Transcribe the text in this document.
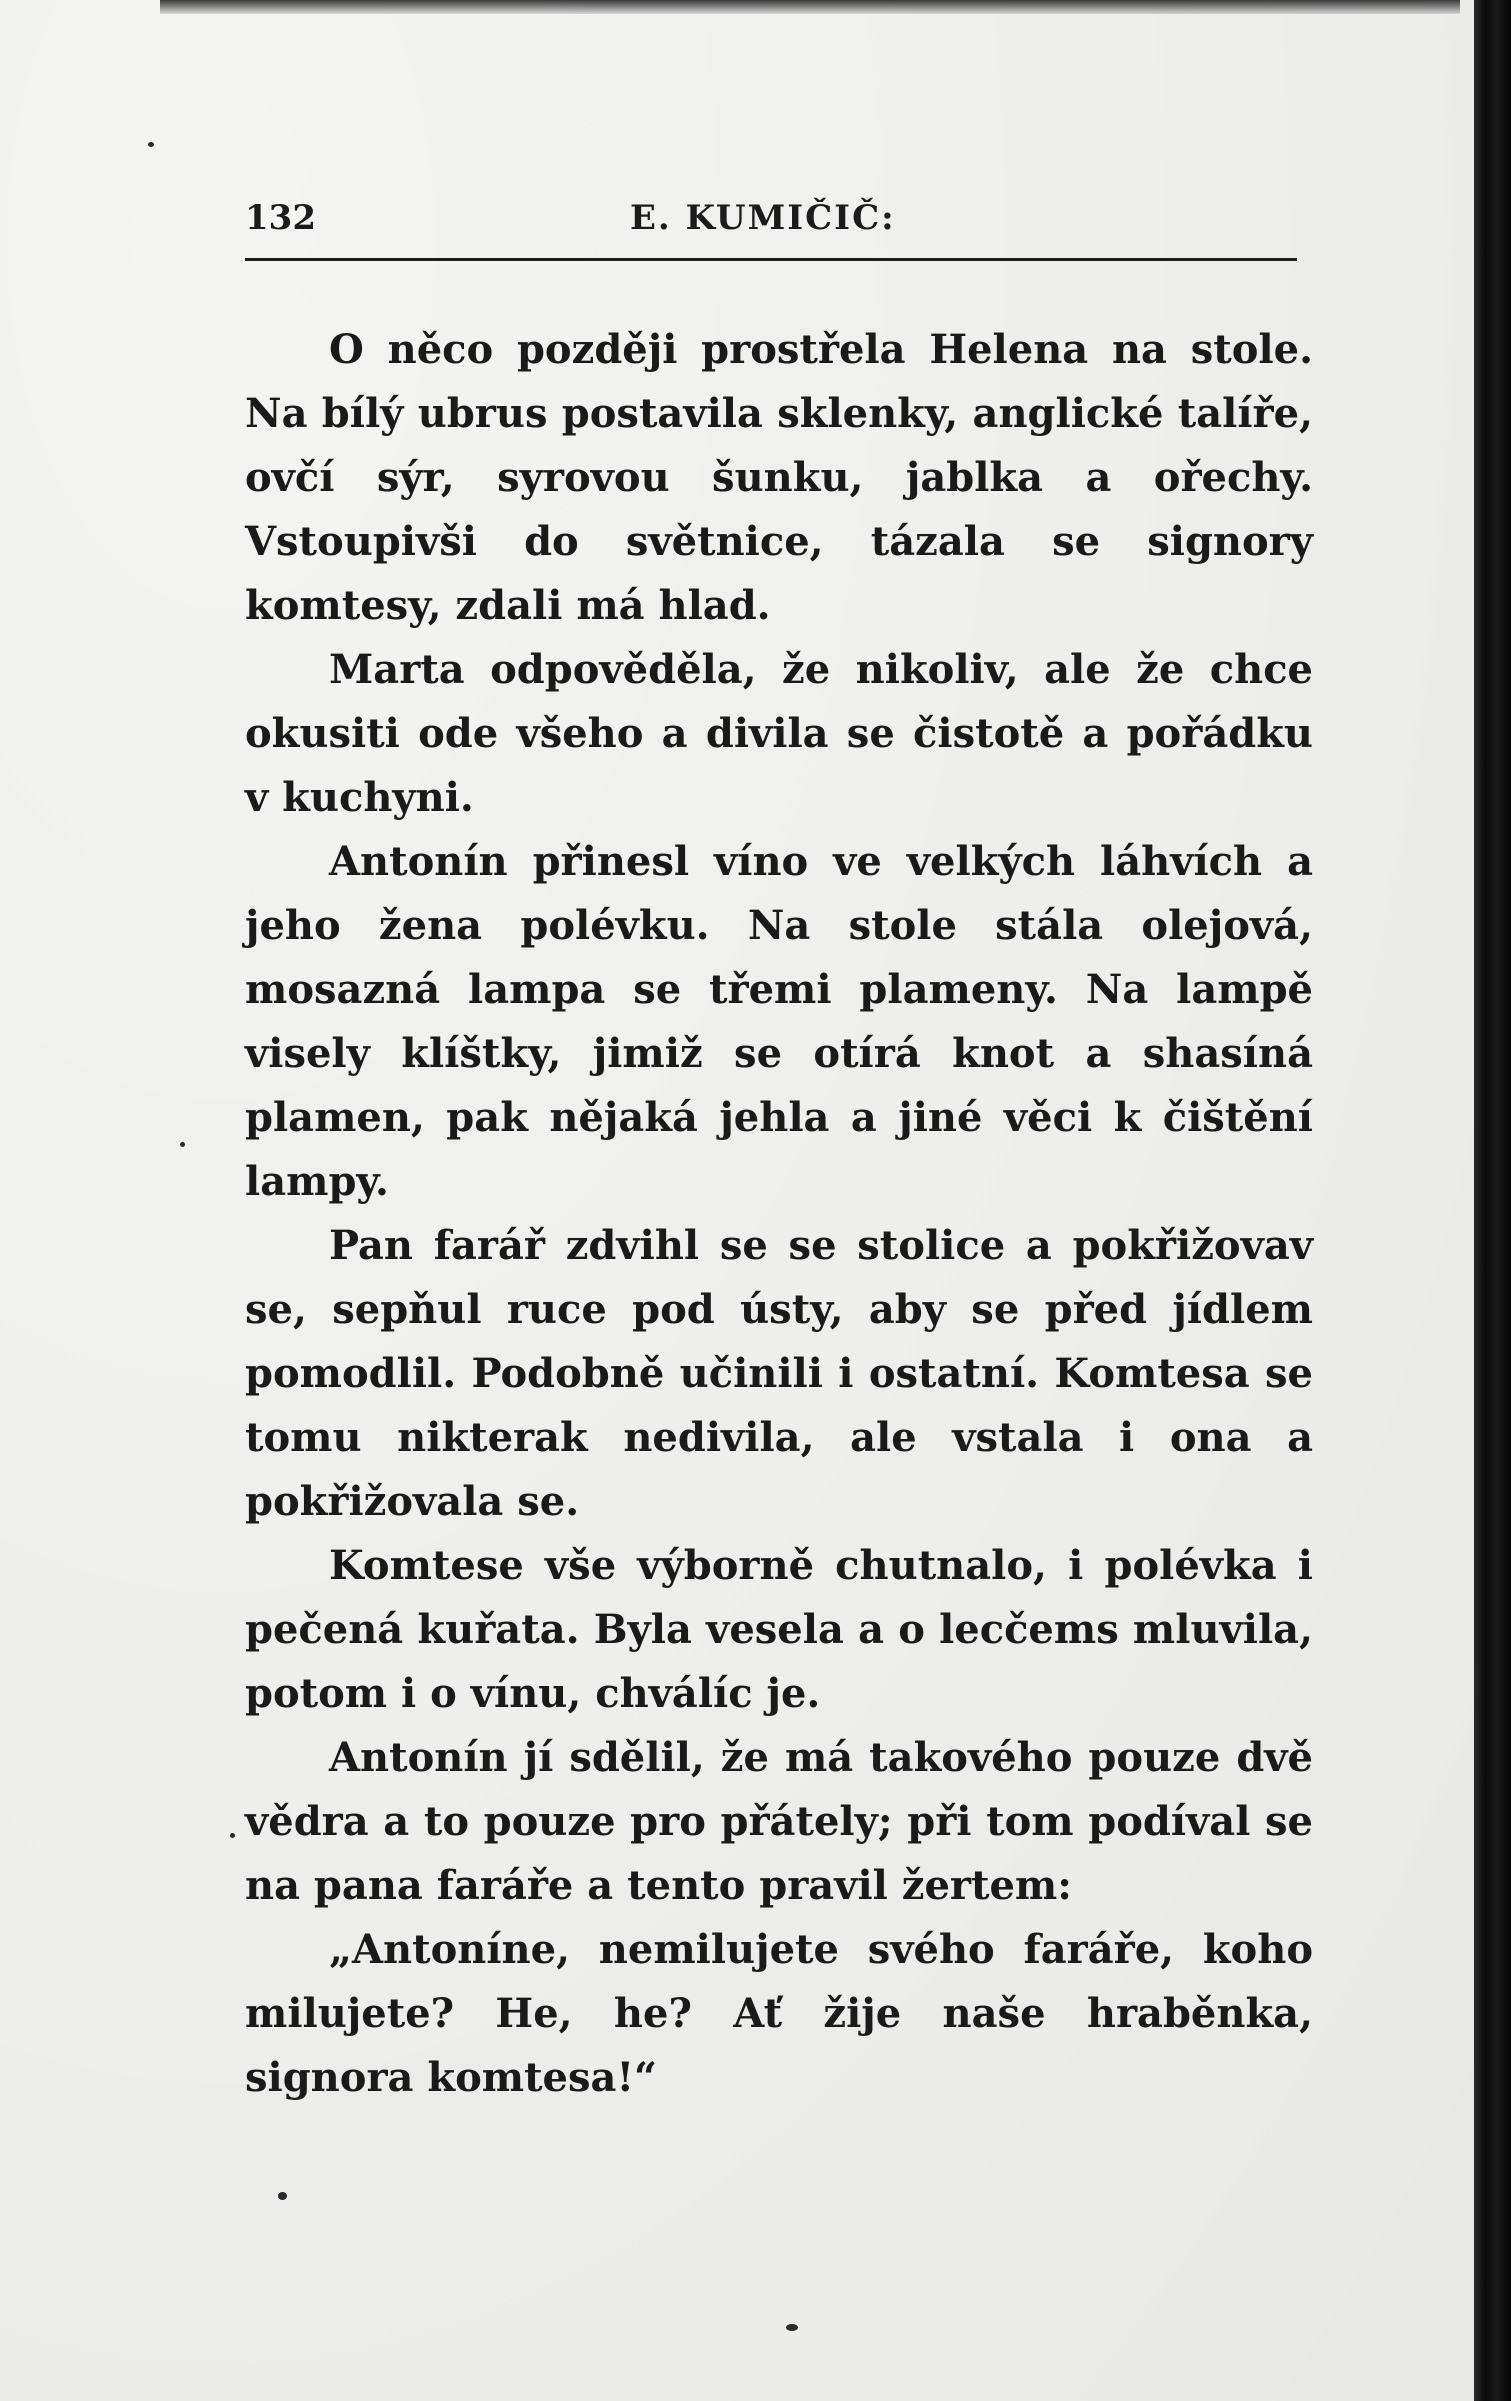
132	E. KUMIČIČ:

O něco později prostřela Helena na stole. Na bílý ubrus postavila sklenky, anglické talíře, ovčí sýr, syrovou šunku, jablka a ořechy. Vstoupivši do světnice, tázala se signory komtesy, zdali má hlad.

Marta odpověděla, že nikoliv, ale že chce okusiti ode všeho a divila se čistotě a pořádku v kuchyni.

Antonín přinesl víno ve velkých láhvích a jeho žena polévku. Na stole stála olejová, mosazná lampa se třemi plameny. Na lampě visely klíštky, jimiž se otírá knot a shasíná plamen, pak nějaká jehla a jiné věci k čištění lampy.

Pan farář zdvihl se se stolice a pokřižovav se, sepňul ruce pod ústy, aby se před jídlem pomodlil. Podobně učinili i ostatní. Komtesa se tomu nikterak nedivila, ale vstala i ona a pokřižovala se.

Komtese vše výborně chutnalo, i polévka i pečená kuřata. Byla vesela a o lecčems mluvila, potom i o vínu, chválíc je.

Antonín jí sdělil, že má takového pouze dvě vědra a to pouze pro přátely; při tom podíval se na pana faráře a tento pravil žertem:

„Antoníne, nemilujete svého faráře, koho milujete? He, he? Ať žije naše hraběnka, signora komtesa!“
